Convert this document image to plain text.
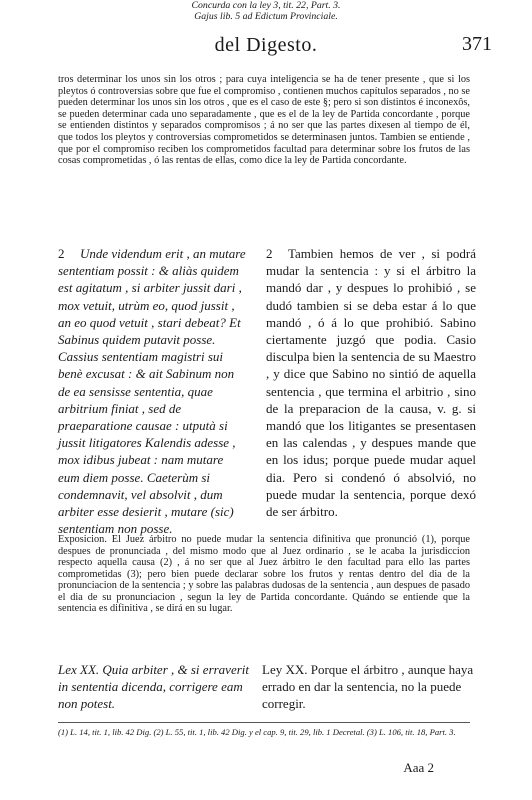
del Digesto.	371
tros determinar los unos sin los otros ; para cuya inteligencia se ha de tener presente , que si los pleytos ó controversias sobre que fue el compromiso , contienen muchos capítulos separados , no se pueden determinar los unos sin los otros , que es el caso de este §; pero si son distintos é inconexôs, se pueden determinar cada uno separadamente , que es el de la ley de Partida concordante , porque se entienden distintos y separados compromisos ; á no ser que las partes dixesen al tiempo de él, que todos los pleytos y controversias comprometidos se determinasen juntos. Tambien se entiende , que por el compromiso reciben los comprometidos facultad para determinar sobre los frutos de las cosas comprometidas , ó las rentas de ellas, como dice la ley de Partida concordante.
Concurda con la ley 3, tit. 22, Part. 3.

2 Unde videndum erit , an mutare sententiam possit : & aliàs quidem est agitatum , si arbiter jussit dari , mox vetuit, utrùm eo, quod jussit , an eo quod vetuit , stari debeat? Et Sabinus quidem putavit posse. Cassius sententiam magistri sui benè excusat : & ait Sabinum non de ea sensisse sententia, quae arbitrium finiat , sed de praeparatione causae : utputà si jussit litigatores Kalendis adesse , mox idibus jubeat : nam mutare eum diem posse. Caeterùm si condemnavit, vel absolvit , dum arbiter esse desierit , mutare (sic) sententiam non posse.

2 Tambien hemos de ver , si podrá mudar la sentencia : y si el árbitro la mandó dar , y despues lo prohibió , se dudó tambien si se deba estar á lo que mandó , ó á lo que prohibió. Sabino ciertamente juzgó que podia. Casio disculpa bien la sentencia de su Maestro , y dice que Sabino no sintió de aquella sentencia , que termina el arbitrio , sino de la preparacion de la causa, v. g. si mandó que los litigantes se presentasen en las calendas , y despues mande que en los idus; porque puede mudar aquel dia. Pero si condenó ó absolvió, no puede mudar la sentencia, porque dexó de ser árbitro.

Exposicion. El Juez árbitro no puede mudar la sentencia difinitiva que pronunció (1), porque despues de pronunciada , del mismo modo que al Juez ordinario , se le acaba la jurisdiccion respecto aquella causa (2) , á no ser que al Juez árbitro le den facultad para ello las partes comprometidas (3); pero bien puede declarar sobre los frutos y rentas dentro del dia de la pronunciacion de la sentencia ; y sobre las palabras dudosas de la sentencia , aun despues de pasado el dia de su pronunciacion , segun la ley de Partida concordante. Quándo se entiende que la sentencia es difinitiva , se dirá en su lugar.
Gajus lib. 5 ad Edictum Provinciale.

Lex XX. Quia arbiter , & si erraverit in sententia dicenda, corrigere eam non potest.

Ley XX. Porque el árbitro , aunque haya errado en dar la sentencia, no la puede corregir.

(1) L. 14, tit. 1, lib. 42 Dig. (2) L. 55, tit. 1, lib. 42 Dig. y el cap. 9, tit. 29, lib. 1 Decretal. (3) L. 106, tit. 18, Part. 3.
Aaa 2
